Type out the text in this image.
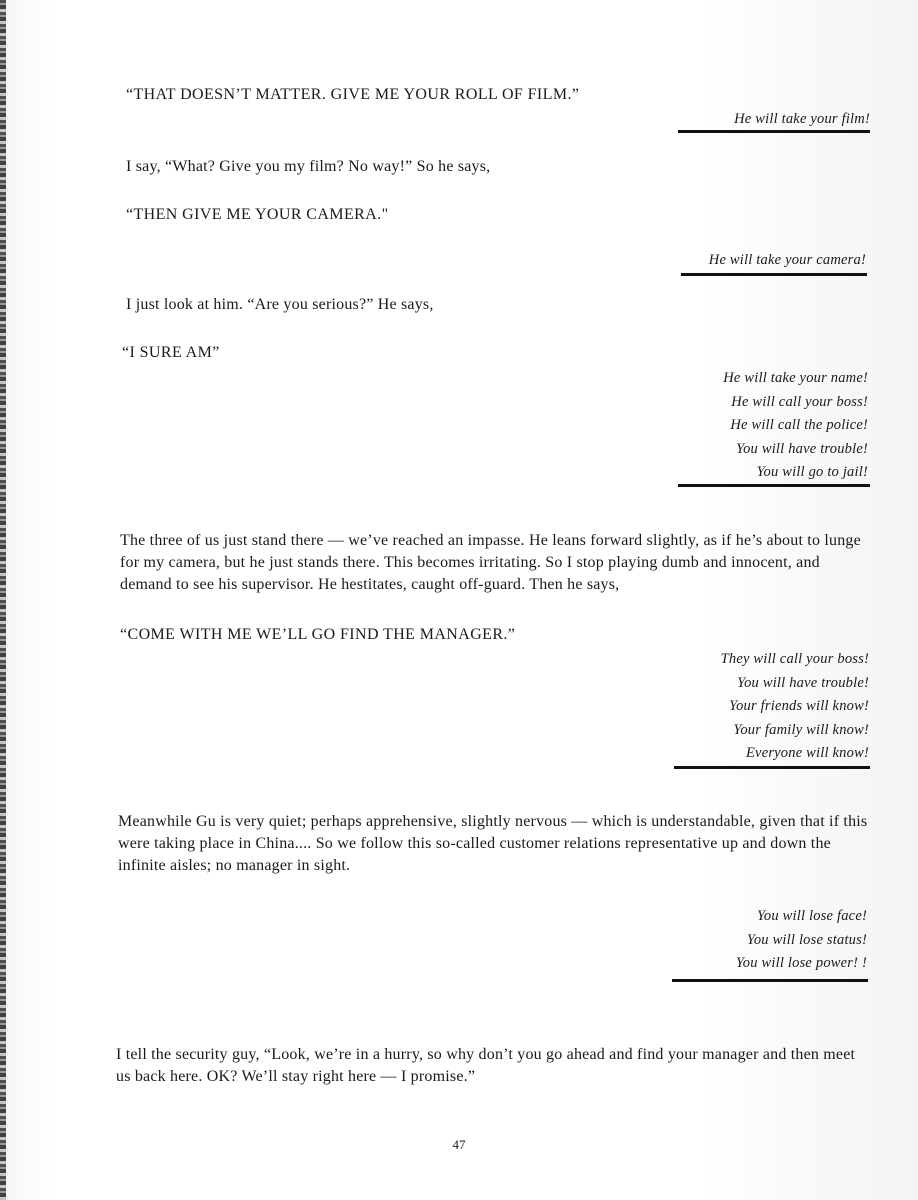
“THAT DOESN’T MATTER. GIVE ME YOUR ROLL OF FILM.”

He will take your film!

I say, “What? Give you my film? No way!” So he says,

“THEN GIVE ME YOUR CAMERA."

He will take your camera!

I just look at him. “Are you serious?” He says,

“I SURE AM”

He will take your name!
He will call your boss!
He will call the police!
You will have trouble!
You will go to jail!

The three of us just stand there — we’ve reached an impasse. He leans forward slightly, as if he’s about to lunge for my camera, but he just stands there. This becomes irritating. So I stop playing dumb and innocent, and demand to see his supervisor. He hestitates, caught off-guard. Then he says,

“COME WITH ME WE’LL GO FIND THE MANAGER.”

They will call your boss!
You will have trouble!
Your friends will know!
Your family will know!
Everyone will know!

Meanwhile Gu is very quiet; perhaps apprehensive, slightly nervous — which is understandable, given that if this were taking place in China.... So we follow this so-called customer relations representative up and down the infinite aisles; no manager in sight.

You will lose face!
You will lose status!
You will lose power! !

I tell the security guy, “Look, we’re in a hurry, so why don’t you go ahead and find your manager and then meet us back here. OK? We’ll stay right here — I promise.”

47
